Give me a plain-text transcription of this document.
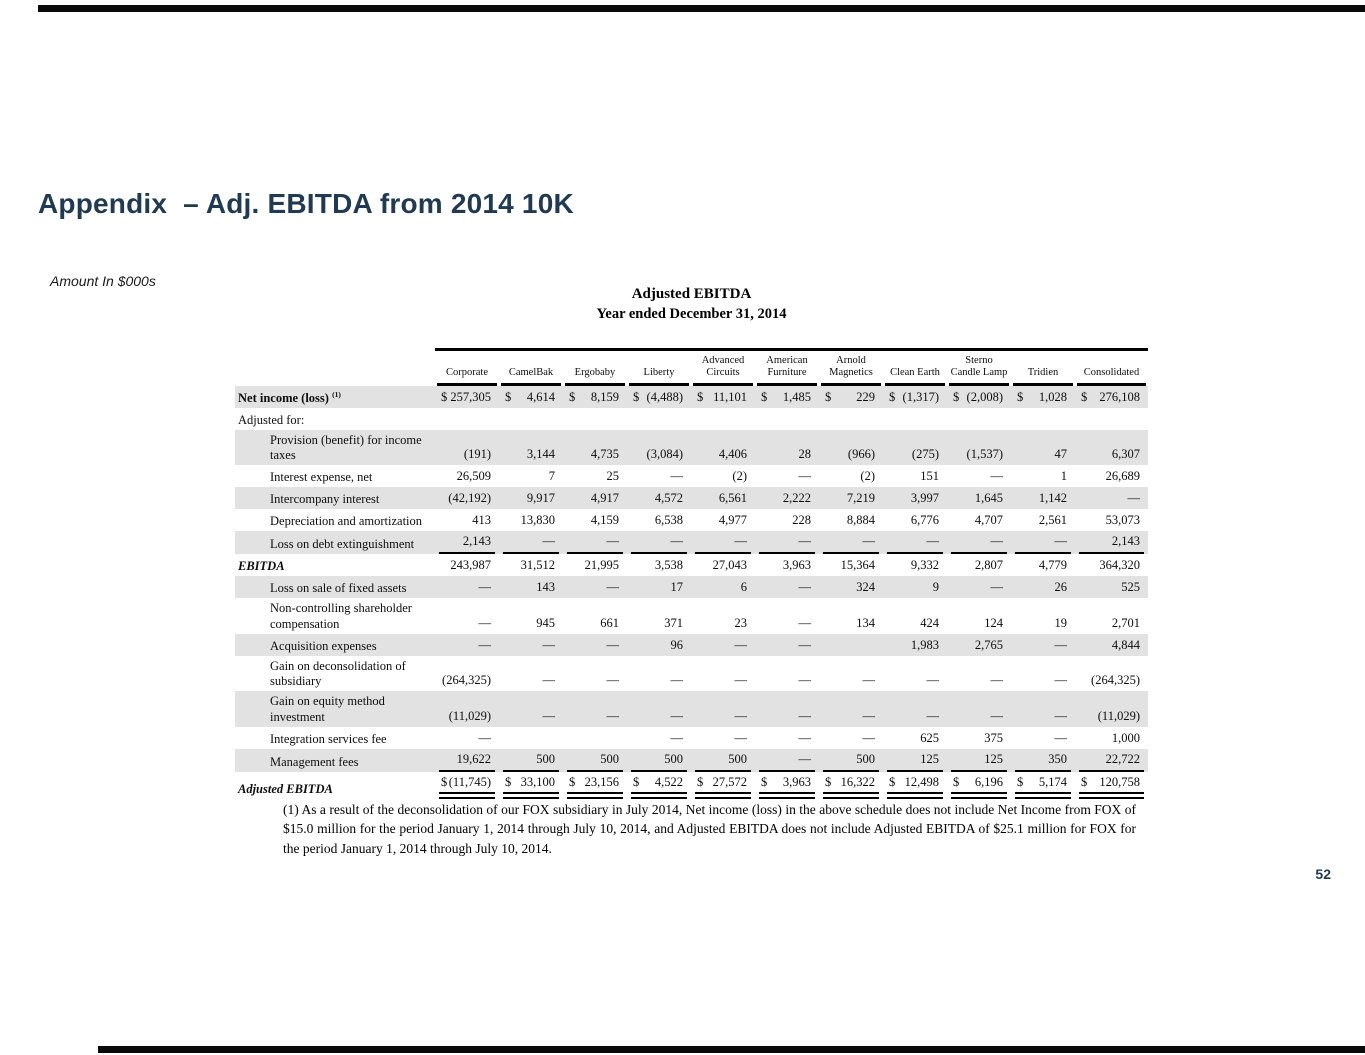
Appendix  – Adj. EBITDA from 2014 10K
Amount In $000s
Adjusted EBITDA
Year ended December 31, 2014

	Corporate	CamelBak	Ergobaby	Liberty	Advanced Circuits	American Furniture	Arnold Magnetics	Clean Earth	Sterno Candle Lamp	Tridien	Consolidated

Net income (loss) $^{(1)}$	$ 257,305	$ 4,614	$ 8,159	$ (4,488)	$ 11,101	$ 1,485	$ 229	$ (1,317)	$ (2,008)	$ 1,028	$ 276,108

Adjusted for:											
Provision (benefit) for income taxes	(191)	3,144	4,735	(3,084)	4,406	28	(966)	(275)	(1,537)	47	6,307

Interest expense, net	26,509	7	25	—	(2)	—	(2)	151	—	1	26,689

Intercompany interest	(42,192)	9,917	4,917	4,572	6,561	2,222	7,219	3,997	1,645	1,142	—

Depreciation and amortization	413	13,830	4,159	6,538	4,977	228	8,884	6,776	4,707	2,561	53,073

Loss on debt extinguishment	2,143	—	—	—	—	—	—	—	—	—	2,143

EBITDA	243,987	31,512	21,995	3,538	27,043	3,963	15,364	9,332	2,807	4,779	364,320

Loss on sale of fixed assets	—	143	—	17	6	—	324	9	—	26	525

Non-controlling shareholder compensation	—	945	661	371	23	—	134	424	124	19	2,701

Acquisition expenses	—	—	—	96	—	—		1,983	2,765	—	4,844

Gain on deconsolidation of subsidiary	(264,325)	—	—	—	—	—	—	—	—	—	(264,325)

Gain on equity method investment	(11,029)	—	—	—	—	—	—	—	—	—	(11,029)

Integration services fee	—			—	—	—	—	625	375	—	1,000

Management fees	19,622	500	500	500	500	—	500	125	125	350	22,722

Adjusted EBITDA	$ (11,745)	$ 33,100	$ 23,156	$ 4,522	$ 27,572	$ 3,963	$ 16,322	$ 12,498	$ 6,196	$ 5,174	$ 120,758
(1) As a result of the deconsolidation of our FOX subsidiary in July 2014, Net income (loss) in the above schedule does not include Net Income from FOX of $15.0 million for the period January 1, 2014 through July 10, 2014, and Adjusted EBITDA does not include Adjusted EBITDA of $25.1 million for FOX for the period January 1, 2014 through July 10, 2014.
52
